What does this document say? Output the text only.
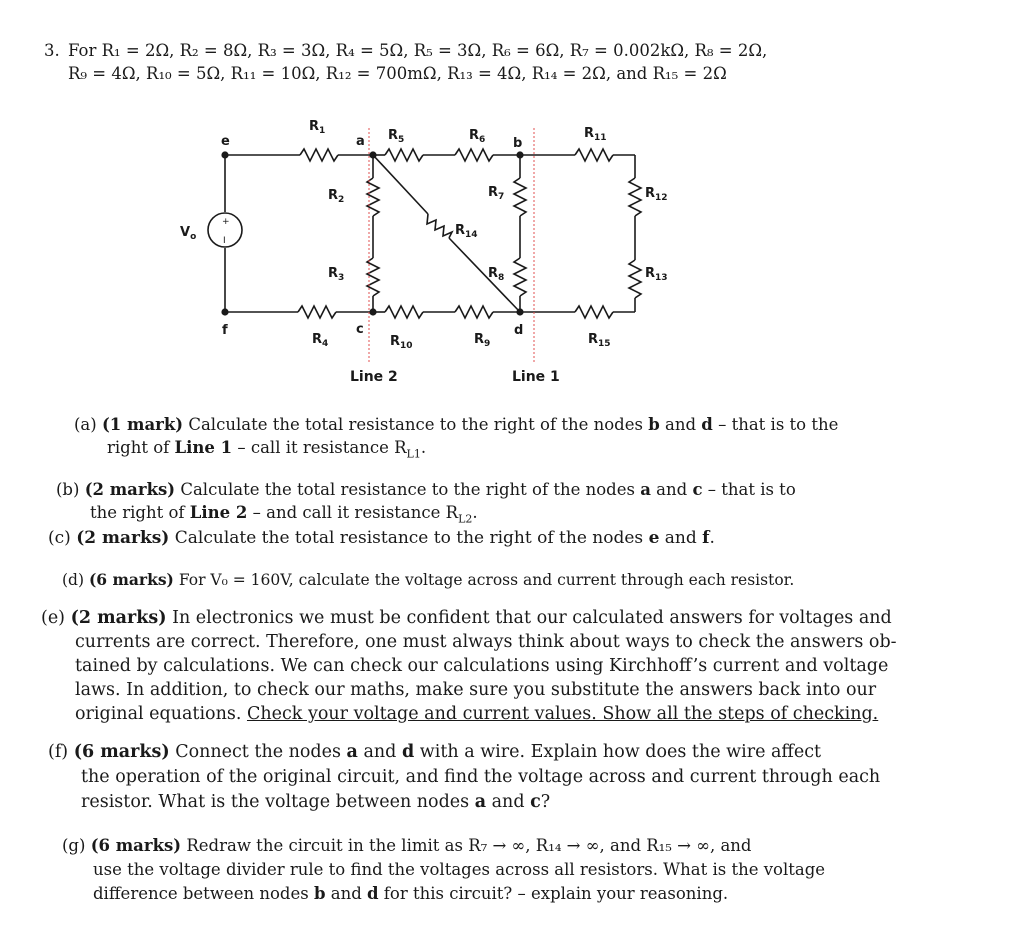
3. For R₁ = 2Ω, R₂ = 8Ω, R₃ = 3Ω, R₄ = 5Ω, R₅ = 3Ω, R₆ = 6Ω, R₇ = 0.002kΩ, R₈ = 2Ω,
R₉ = 4Ω, R₁₀ = 5Ω, R₁₁ = 10Ω, R₁₂ = 700mΩ, R₁₃ = 4Ω, R₁₄ = 2Ω, and R₁₅ = 2Ω
$V_o$
+
I
e
f
a
c
b
d
$R_1$	$R_5$	$R_6$	$R_{11}$
$R_{12}$
$R_{13}$
$R_2$
$R_3$
$R_7$
$R_8$
$R_{14}$
$R_4$	$R_{10}$	$R_9$	$R_{15}$
Line 2	Line 1
(a) (1 mark) Calculate the total resistance to the right of the nodes b and d – that is to the
right of Line 1 – call it resistance $R_{L1}$.
(b) (2 marks) Calculate the total resistance to the right of the nodes a and c – that is to
the right of Line 2 – and call it resistance $R_{L2}$.
(c) (2 marks) Calculate the total resistance to the right of the nodes e and f.
(d) (6 marks) For V₀ = 160V, calculate the voltage across and current through each resistor.
(e) (2 marks) In electronics we must be confident that our calculated answers for voltages and
currents are correct. Therefore, one must always think about ways to check the answers ob-
tained by calculations. We can check our calculations using Kirchhoff’s current and voltage
laws. In addition, to check our maths, make sure you substitute the answers back into our
original equations. Check your voltage and current values. Show all the steps of checking.
(f) (6 marks) Connect the nodes a and d with a wire. Explain how does the wire affect
the operation of the original circuit, and find the voltage across and current through each
resistor. What is the voltage between nodes a and c?
(g) (6 marks) Redraw the circuit in the limit as R₇ → ∞, R₁₄ → ∞, and R₁₅ → ∞, and
use the voltage divider rule to find the voltages across all resistors. What is the voltage
difference between nodes b and d for this circuit? – explain your reasoning.
